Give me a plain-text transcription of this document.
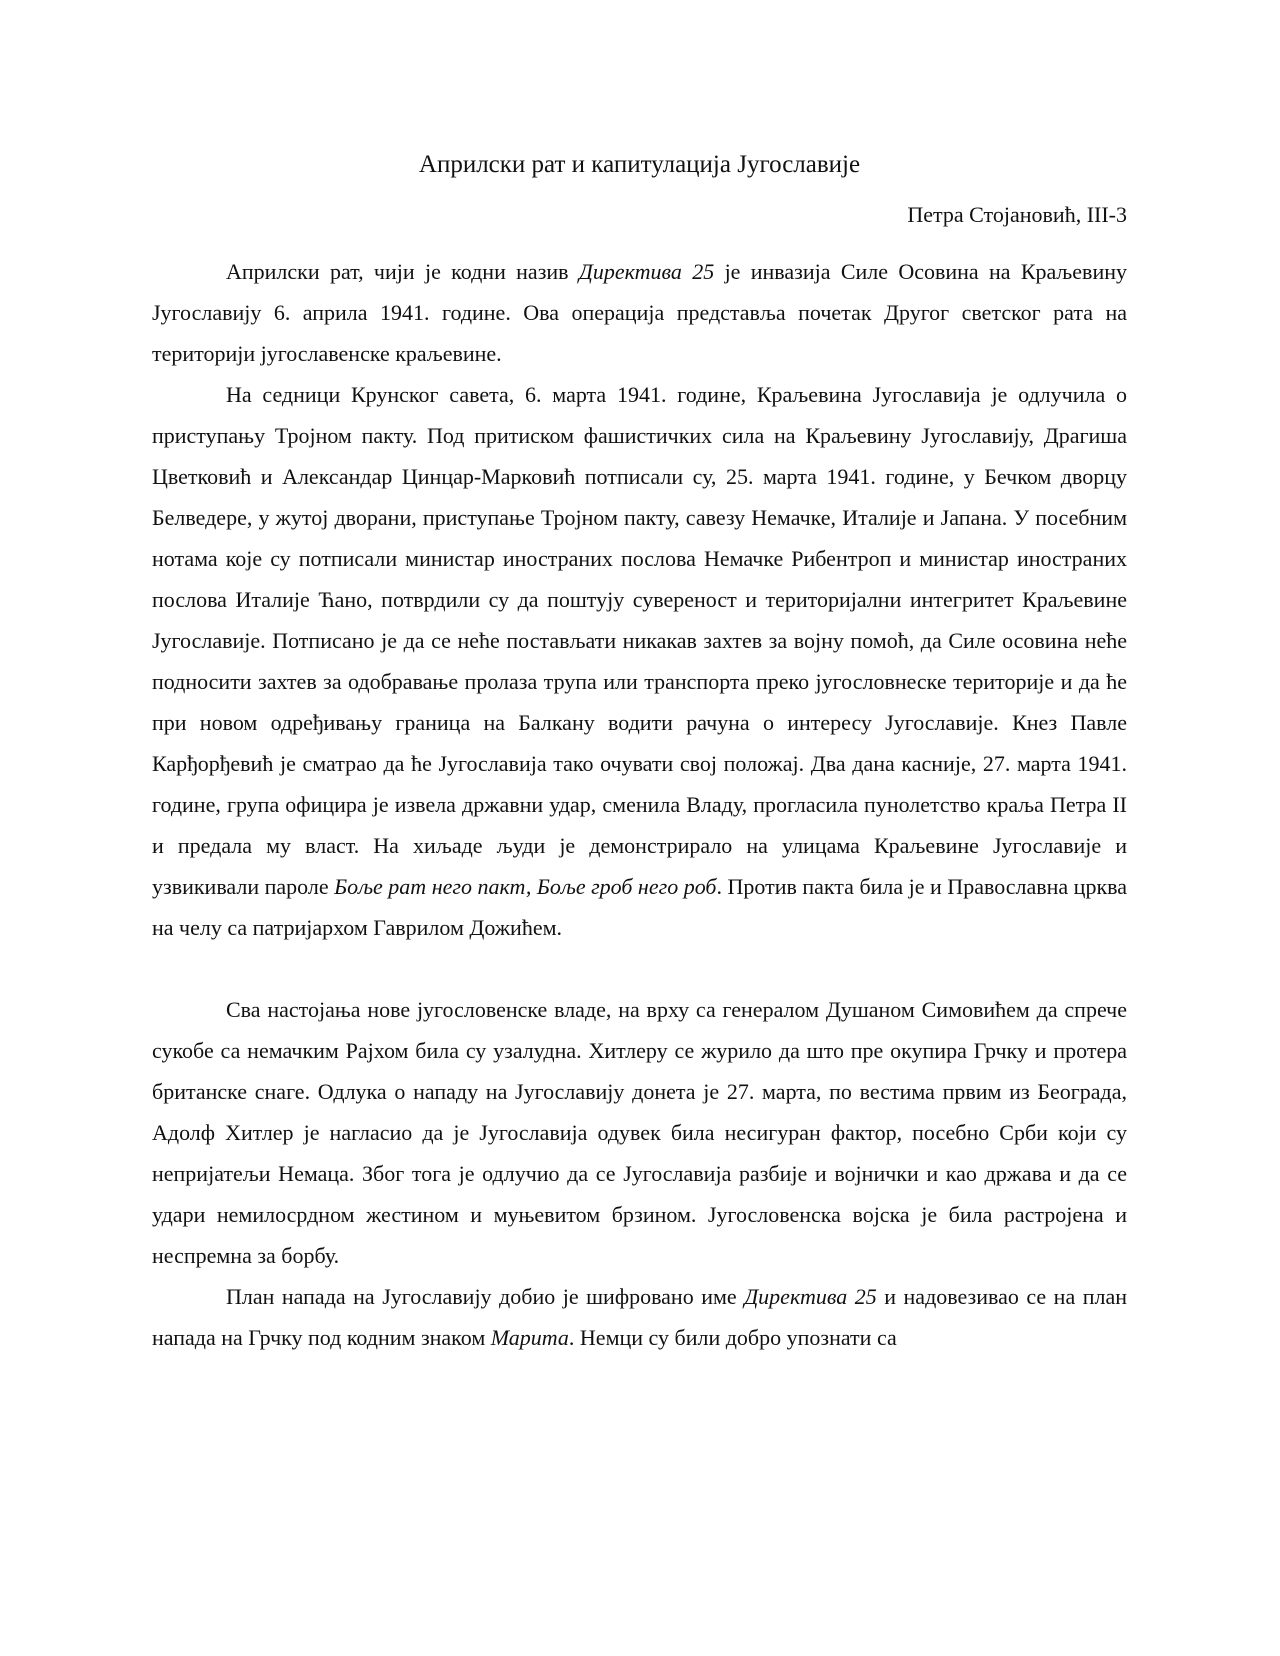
Априлски рат и капитулација Југославије

Петра Стојановић, III-3

Априлски рат, чији је кодни назив Директива 25 је инвазија Силе Осовина на Краљевину Југославију 6. априла 1941. године. Ова операција представља почетак Другог светског рата на територији југославенске краљевине.

На седници Крунског савета, 6. марта 1941. године, Краљевина Југославија је одлучила о приступању Тројном пакту. Под притиском фашистичких сила на Краљевину Југославију, Драгиша Цветковић и Александар Цинцар-Марковић потписали су, 25. марта 1941. године, у Бечком дворцу Белведере, у жутој дворани, приступање Тројном пакту, савезу Немачке, Италије и Јапана. У посебним нотама које су потписали министар иностраних послова Немачке Рибентроп и министар иностраних послова Италије Ћано, потврдили су да поштују сувереност и територијални интегритет Краљевине Југославије. Потписано је да се неће постављати никакав захтев за војну помоћ, да Силе осовина неће подносити захтев за одобравање пролаза трупа или транспорта преко југословнеске територије и да ће при новом одређивању граница на Балкану водити рачуна о интересу Југославије. Кнез Павле Карђорђевић је сматрао да ће Југославија тако очувати свој положај. Два дана касније, 27. марта 1941. године, група официра је извела државни удар, сменила Владу, прогласила пунолетство краља Петра II и предала му власт. На хиљаде људи је демонстрирало на улицама Краљевине Југославије и узвикивали пароле Боље рат него пакт, Боље гроб него роб. Против пакта била је и Православна црква на челу са патријархом Гаврилом Дожићем.

Сва настојања нове југословенске владе, на врху са генералом Душаном Симовићем да спрече сукобе са немачким Рајхом била су узалудна. Хитлеру се журило да што пре окупира Грчку и протера британске снаге. Одлука о нападу на Југославију донета је 27. марта, по вестима првим из Београда, Адолф Хитлер је нагласио да је Југославија одувек била несигуран фактор, посебно Срби који су непријатељи Немаца. Због тога је одлучио да се Југославија разбије и војнички и као држава и да се удари немилосрдном жестином и муњевитом брзином. Југословенска војска је била растројена и неспремна за борбу.

План напада на Југославију добио је шифровано име Директива 25 и надовезивао се на план напада на Грчку под кодним знаком Марита. Немци су били добро упознати са
